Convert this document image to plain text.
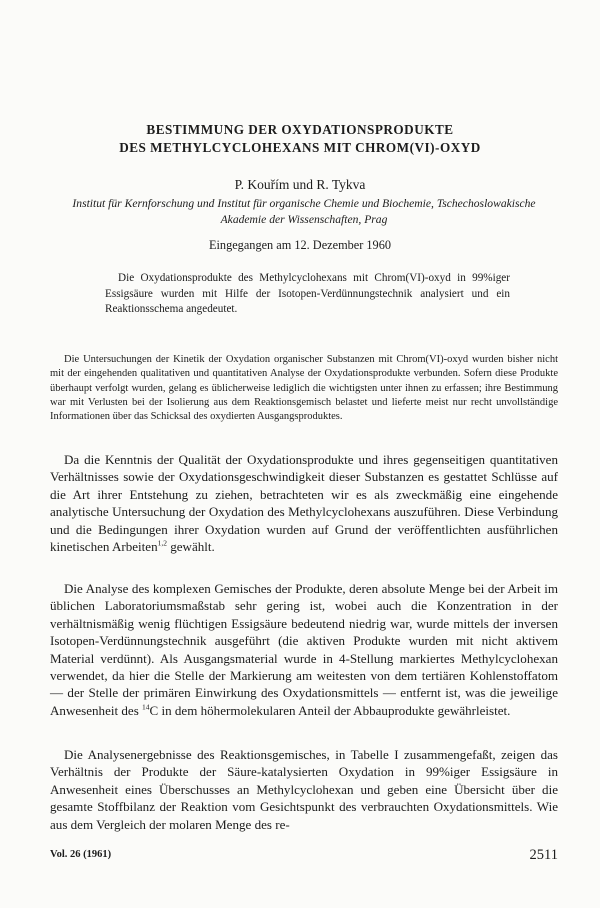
BESTIMMUNG DER OXYDATIONSPRODUKTE
DES METHYLCYCLOHEXANS MIT CHROM(VI)-OXYD
P. Kouřím und R. Tykva
Institut für Kernforschung und Institut für organische Chemie und Biochemie, Tschechoslowakische
Akademie der Wissenschaften, Prag
Eingegangen am 12. Dezember 1960

Die Oxydationsprodukte des Methylcyclohexans mit Chrom(VI)-oxyd in 99%iger Essigsäure wurden mit Hilfe der Isotopen-Verdünnungstechnik analysiert und ein Reaktionsschema angedeutet.

Die Untersuchungen der Kinetik der Oxydation organischer Substanzen mit Chrom(VI)-oxyd wurden bisher nicht mit der eingehenden qualitativen und quantitativen Analyse der Oxydationsprodukte verbunden. Sofern diese Produkte überhaupt verfolgt wurden, gelang es üblicherweise lediglich die wichtigsten unter ihnen zu erfassen; ihre Bestimmung war mit Verlusten bei der Isolierung aus dem Reaktionsgemisch belastet und lieferte meist nur recht unvollständige Informationen über das Schicksal des oxydierten Ausgangsproduktes.

Da die Kenntnis der Qualität der Oxydationsprodukte und ihres gegenseitigen quantitativen Verhältnisses sowie der Oxydationsgeschwindigkeit dieser Substanzen es gestattet Schlüsse auf die Art ihrer Entstehung zu ziehen, betrachteten wir es als zweckmäßig eine eingehende analytische Untersuchung der Oxydation des Methylcyclohexans auszuführen. Diese Verbindung und die Bedingungen ihrer Oxydation wurden auf Grund der veröffentlichten ausführlichen kinetischen Arbeiten$^{1,2}$ gewählt.

Die Analyse des komplexen Gemisches der Produkte, deren absolute Menge bei der Arbeit im üblichen Laboratoriumsmaßstab sehr gering ist, wobei auch die Konzentration in der verhältnismäßig wenig flüchtigen Essigsäure bedeutend niedrig war, wurde mittels der inversen Isotopen-Verdünnungstechnik ausgeführt (die aktiven Produkte wurden mit nicht aktivem Material verdünnt). Als Ausgangsmaterial wurde in 4-Stellung markiertes Methylcyclohexan verwendet, da hier die Stelle der Markierung am weitesten von dem tertiären Kohlenstoffatom — der Stelle der primären Einwirkung des Oxydationsmittels — entfernt ist, was die jeweilige Anwesenheit des $^{14}$C in dem höhermolekularen Anteil der Abbauprodukte gewährleistet.

Die Analysenergebnisse des Reaktionsgemisches, in Tabelle I zusammengefaßt, zeigen das Verhältnis der Produkte der Säure-katalysierten Oxydation in 99%iger Essigsäure in Anwesenheit eines Überschusses an Methylcyclohexan und geben eine Übersicht über die gesamte Stoffbilanz der Reaktion vom Gesichtspunkt des verbrauchten Oxydationsmittels. Wie aus dem Vergleich der molaren Menge des re-

Vol. 26 (1961)	2511
